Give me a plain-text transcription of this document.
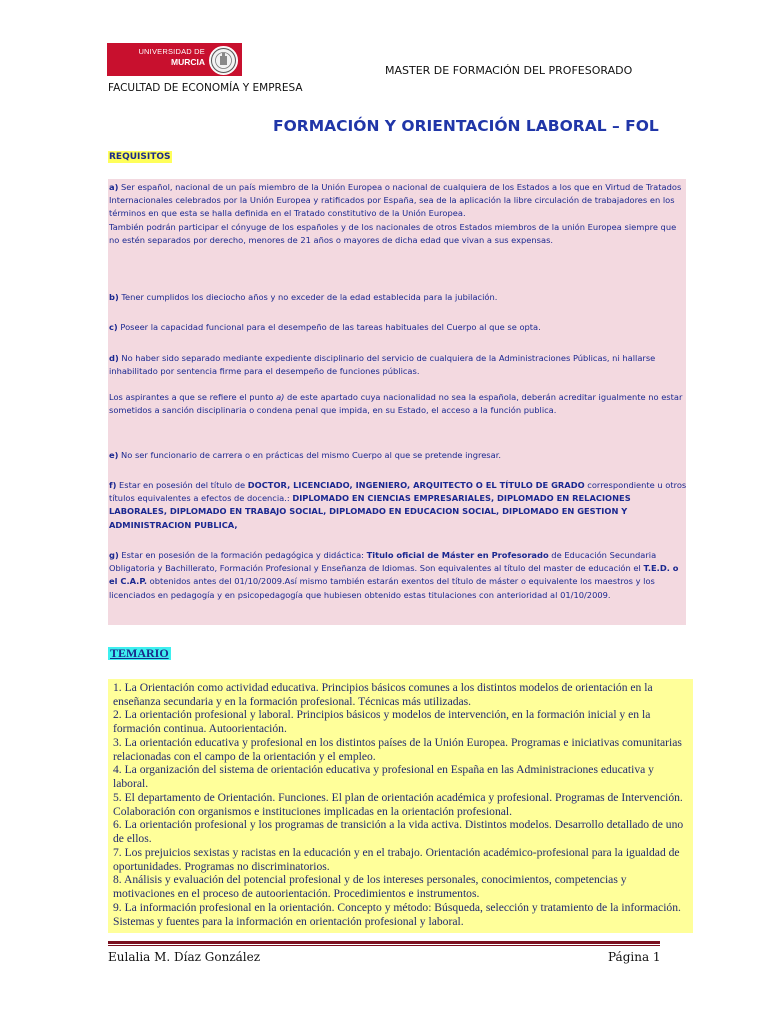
UNIVERSIDAD DE
MURCIA
MASTER DE FORMACIÓN DEL PROFESORADO
FACULTAD DE ECONOMÍA Y EMPRESA
FORMACIÓN Y ORIENTACIÓN LABORAL – FOL
REQUISITOS

a) Ser español, nacional de un país miembro de la Unión Europea o nacional de cualquiera de los Estados a los que en Virtud de Tratados Internacionales celebrados por la Unión Europea y ratificados por España, sea de la aplicación la libre circulación de trabajadores en los términos en que esta se halla definida en el Tratado constitutivo de la Unión Europea.

También podrán participar el cónyuge de los españoles y de los nacionales de otros Estados miembros de la unión Europea siempre que no estén separados por derecho, menores de 21 años o mayores de dicha edad que vivan a sus expensas.

b) Tener cumplidos los dieciocho años y no exceder de la edad establecida para la jubilación.

c) Poseer la capacidad funcional para el desempeño de las tareas habituales del Cuerpo al que se opta.

d) No haber sido separado mediante expediente disciplinario del servicio de cualquiera de la Administraciones Públicas, ni hallarse inhabilitado por sentencia firme para el desempeño de funciones públicas.

Los aspirantes a que se refiere el punto a) de este apartado cuya nacionalidad no sea la española, deberán acreditar igualmente no estar sometidos a sanción disciplinaria o condena penal que impida, en su Estado, el acceso a la función publica.

e) No ser funcionario de carrera o en prácticas del mismo Cuerpo al que se pretende ingresar.

f) Estar en posesión del título de DOCTOR, LICENCIADO, INGENIERO, ARQUITECTO O EL TÍTULO DE GRADO correspondiente u otros títulos equivalentes a efectos de docencia.: DIPLOMADO EN CIENCIAS EMPRESARIALES, DIPLOMADO EN RELACIONES LABORALES, DIPLOMADO EN TRABAJO SOCIAL, DIPLOMADO EN EDUCACION SOCIAL, DIPLOMADO EN GESTION Y ADMINISTRACION PUBLICA,

g) Estar en posesión de la formación pedagógica y didáctica: Titulo oficial de Máster en Profesorado de Educación Secundaria Obligatoria y Bachillerato, Formación Profesional y Enseñanza de Idiomas. Son equivalentes al título del master de educación el T.E.D. o el C.A.P. obtenidos antes del 01/10/2009.Así mismo también estarán exentos del título de máster o equivalente los maestros y los licenciados en pedagogía y en psicopedagogía que hubiesen obtenido estas titulaciones con anterioridad al 01/10/2009.

TEMARIO
1. La Orientación como actividad educativa. Principios básicos comunes a los distintos modelos de orientación en la enseñanza secundaria y en la formación profesional. Técnicas más utilizadas.
2. La orientación profesional y laboral. Principios básicos y modelos de intervención, en la formación inicial y en la formación continua. Autoorientación.
3. La orientación educativa y profesional en los distintos países de la Unión Europea. Programas e iniciativas comunitarias relacionadas con el campo de la orientación y el empleo.
4. La organización del sistema de orientación educativa y profesional en España en las Administraciones educativa y laboral.
5. El departamento de Orientación. Funciones. El plan de orientación académica y profesional. Programas de Intervención. Colaboración con organismos e instituciones implicadas en la orientación profesional.
6. La orientación profesional y los programas de transición a la vida activa. Distintos modelos. Desarrollo detallado de uno de ellos.
7. Los prejuicios sexistas y racistas en la educación y en el trabajo. Orientación académico-profesional para la igualdad de oportunidades. Programas no discriminatorios.
8. Análisis y evaluación del potencial profesional y de los intereses personales, conocimientos, competencias y motivaciones en el proceso de autoorientación. Procedimientos e instrumentos.
9. La información profesional en la orientación. Concepto y método: Búsqueda, selección y tratamiento de la información. Sistemas y fuentes para la información en orientación profesional y laboral.
Eulalia M. Díaz González	Página 1
